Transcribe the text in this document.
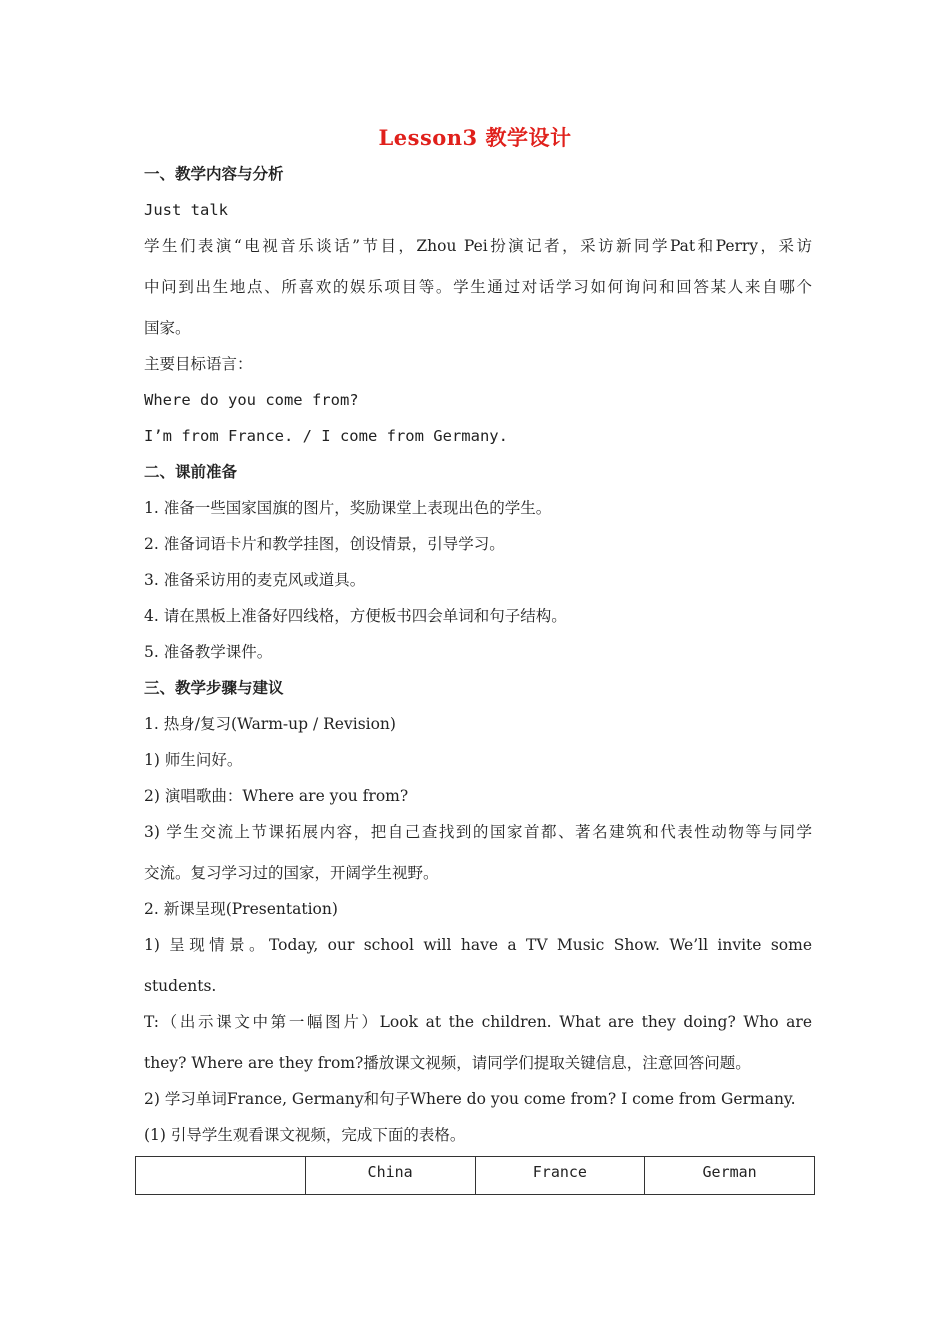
Lesson3 教学设计
一、教学内容与分析
Just talk
学生们表演“电视音乐谈话”节目，Zhou Pei扮演记者，采访新同学Pat和Perry，采访
中问到出生地点、所喜欢的娱乐项目等。学生通过对话学习如何询问和回答某人来自哪个
国家。
主要目标语言：
Where do you come from?
I’m from France. / I come from Germany.
二、课前准备
1. 准备一些国家国旗的图片，奖励课堂上表现出色的学生。
2. 准备词语卡片和教学挂图，创设情景，引导学习。
3. 准备采访用的麦克风或道具。
4. 请在黑板上准备好四线格，方便板书四会单词和句子结构。
5. 准备教学课件。
三、教学步骤与建议
1. 热身/复习(Warm-up / Revision)
1) 师生问好。
2) 演唱歌曲：Where are you from?
3) 学生交流上节课拓展内容，把自己查找到的国家首都、著名建筑和代表性动物等与同学
交流。复习学习过的国家，开阔学生视野。
2. 新课呈现(Presentation)
1) 呈现情景。Today, our school will have a TV Music Show. We’ll invite some
students.
T:（出示课文中第一幅图片）Look at the children. What are they doing? Who are
they? Where are they from?播放课文视频，请同学们提取关键信息，注意回答问题。
2) 学习单词France, Germany和句子Where do you come from? I come from Germany.
(1) 引导学生观看课文视频，完成下面的表格。
	China	France	German
